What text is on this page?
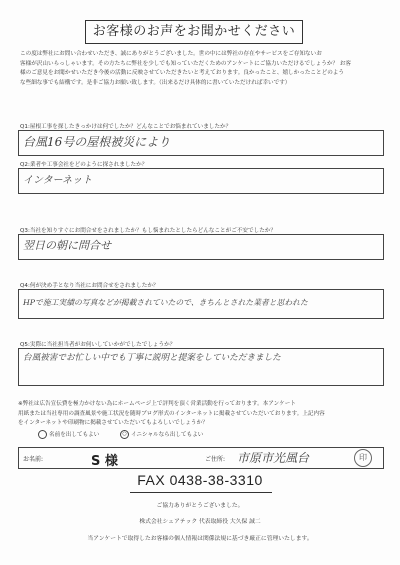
お客様のお声をお聞かせください

この度は弊社にお問い合わせいただき、誠にありがとうございました。世の中には弊社の存在やサービスをご存知ないお

客様が沢山いらっしゃいます。その方たちに弊社を少しでも知っていただくためのアンケートにご協力いただけるでしょうか？ お客

様のご意見をお聞かせいただき今後の活動に反映させていただきたいと考えております。良かったこと、嬉しかったことどのよう

な些細な事でも結構です。是非ご協力お願い致します。（出来るだけ具体的に書いていただければ幸いです）

Q1:屋根工事を探したきっかけは何でしたか？どんなことでお悩まれていましたか？
台風16号の屋根被災により
Q2:業者や工事会社をどのように探されましたか？
インターネット
Q3:当社を知りすぐにお問合せをされましたか？もし悩まれたとしたらどんなことがご不安でしたか？
翌日の朝に問合せ
Q4:何が決め手となり当社にお問合せをされましたか？
HPで施工実績の写真などが掲載されていたので、きちんとされた業者と思われた
Q5:実際に当社担当者がお伺いしていかがでしたでしょうか？
台風被害でお忙しい中でも丁寧に説明と提案をしていただきました

※弊社は広告宣伝費を極力かけない為にホームページ上で評判を頂く営業活動を行っております。本アンケート

用紙または当社専用の調査風景や施工状況を随時ブログ形式のインターネットに掲載させていただいております。上記内容

をインターネットや印刷物に掲載させていただいてもよろしいでしょうか？

名前を出してもよい	○ イニシャルなら出してもよい
お名前:	S 様	ご住所: 市原市光風台	印
FAX 0438-38-3310
ご協力ありがとうございました。
株式会社シェアテック 代表取締役 大久保 誠二
当アンケートで取得したお客様の個人情報は関係法規に基づき厳正に管理いたします。
